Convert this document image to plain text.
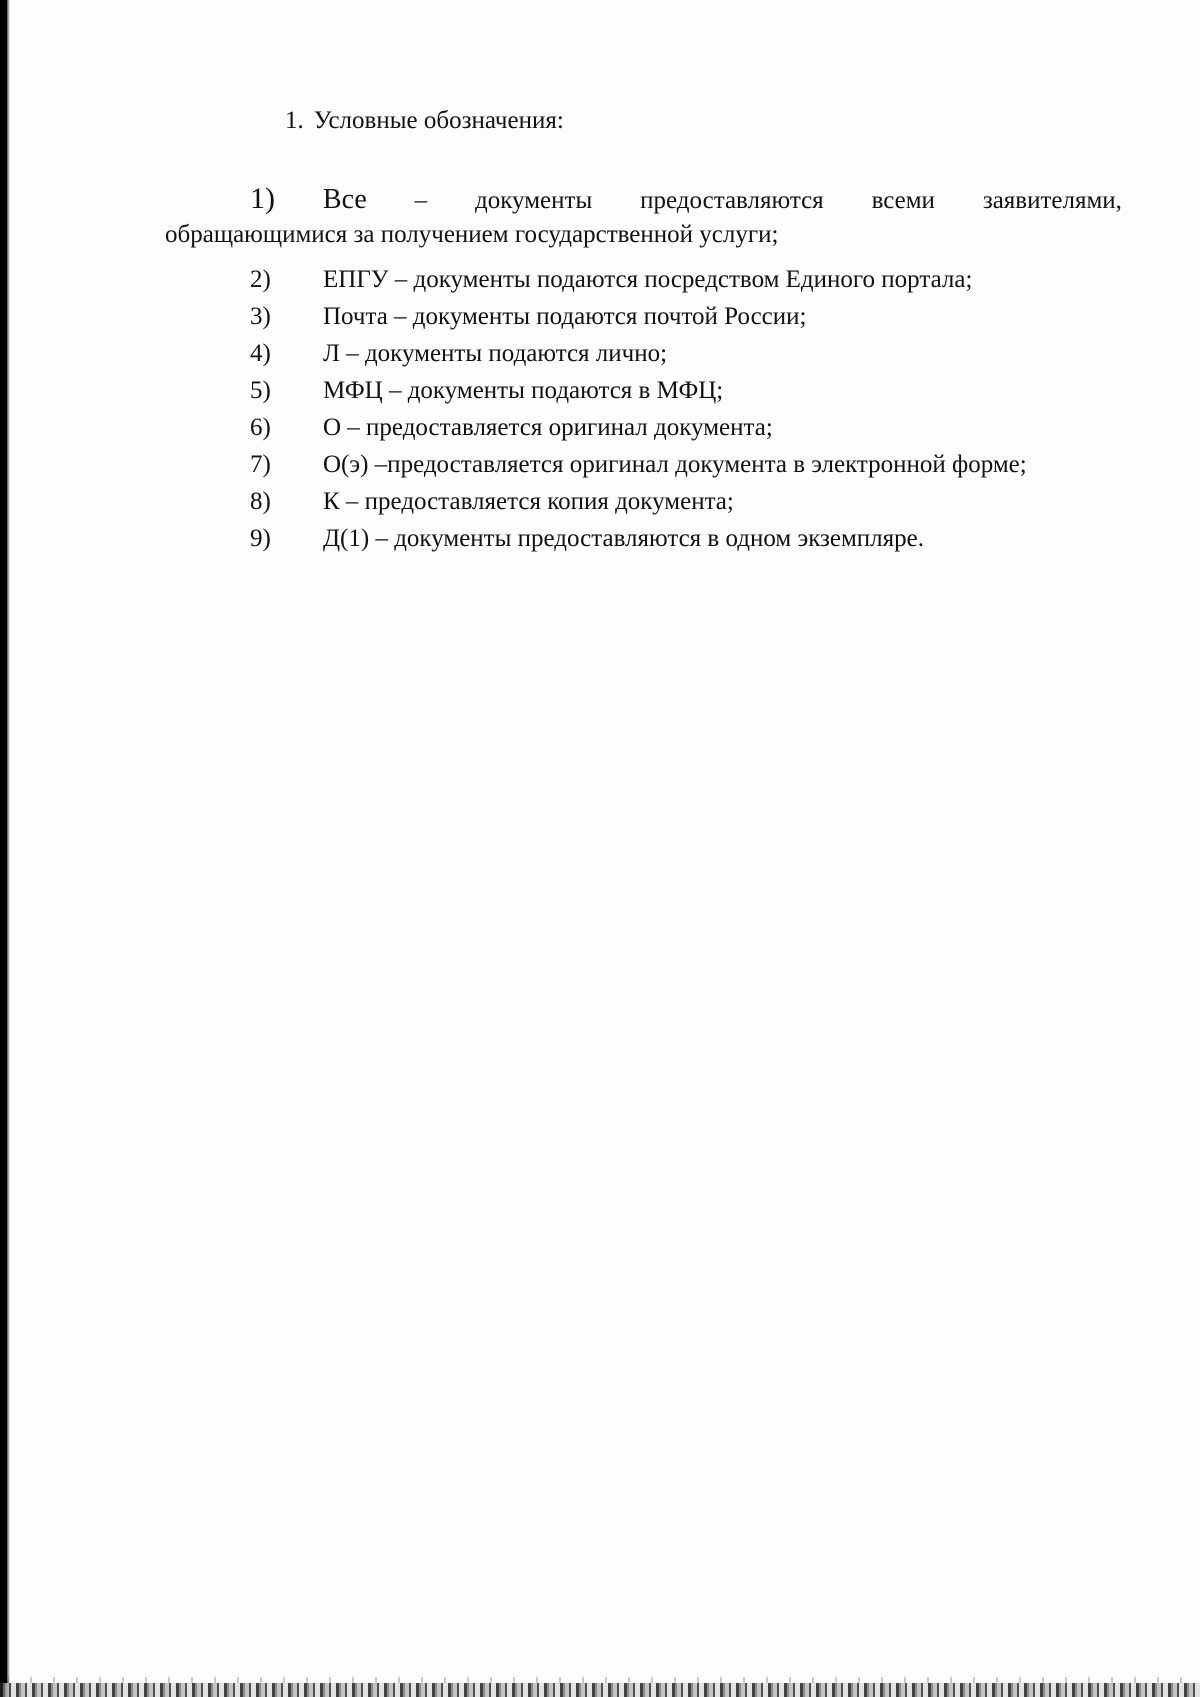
1. Условные обозначения:
1) Все – документы предоставляются всеми заявителями,
обращающимися за получением государственной услуги;
2) ЕПГУ – документы подаются посредством Единого портала;
3) Почта – документы подаются почтой России;
4) Л – документы подаются лично;
5) МФЦ – документы подаются в МФЦ;
6) О – предоставляется оригинал документа;
7) О(э) –предоставляется оригинал документа в электронной форме;
8) К – предоставляется копия документа;
9) Д(1) – документы предоставляются в одном экземпляре.
